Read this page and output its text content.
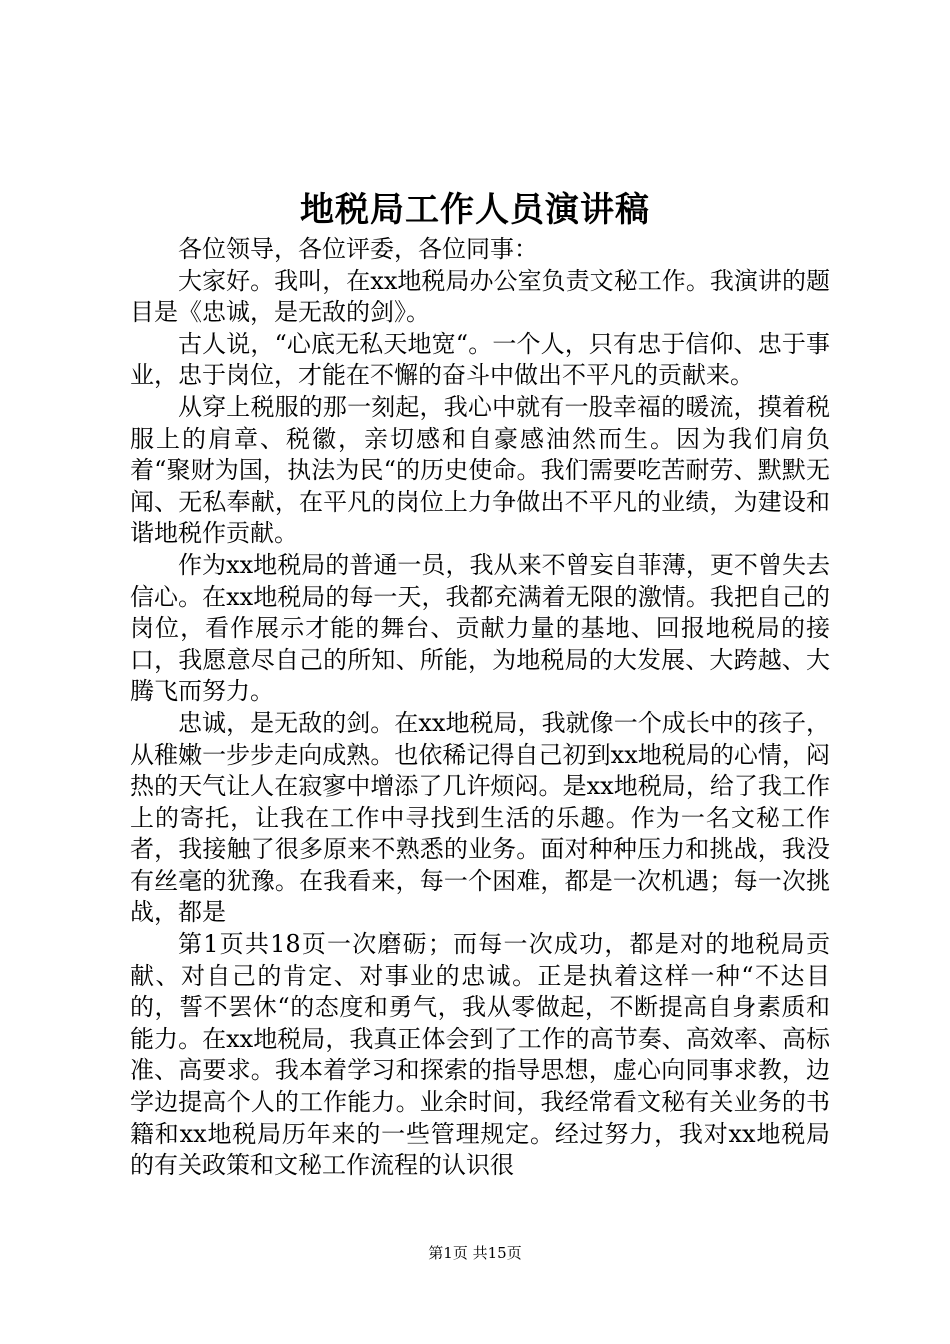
地税局工作人员演讲稿

各位领导，各位评委，各位同事：

大家好。我叫，在xx地税局办公室负责文秘工作。我演讲的题目是《忠诚，是无敌的剑》。

古人说，“心底无私天地宽“。一个人，只有忠于信仰、忠于事业，忠于岗位，才能在不懈的奋斗中做出不平凡的贡献来。

从穿上税服的那一刻起，我心中就有一股幸福的暖流，摸着税服上的肩章、税徽，亲切感和自豪感油然而生。因为我们肩负着“聚财为国，执法为民“的历史使命。我们需要吃苦耐劳、默默无闻、无私奉献，在平凡的岗位上力争做出不平凡的业绩，为建设和谐地税作贡献。

作为xx地税局的普通一员，我从来不曾妄自菲薄，更不曾失去信心。在xx地税局的每一天，我都充满着无限的激情。我把自己的岗位，看作展示才能的舞台、贡献力量的基地、回报地税局的接口，我愿意尽自己的所知、所能，为地税局的大发展、大跨越、大腾飞而努力。

忠诚，是无敌的剑。在xx地税局，我就像一个成长中的孩子，从稚嫩一步步走向成熟。也依稀记得自己初到xx地税局的心情，闷热的天气让人在寂寥中增添了几许烦闷。是xx地税局，给了我工作上的寄托，让我在工作中寻找到生活的乐趣。作为一名文秘工作者，我接触了很多原来不熟悉的业务。面对种种压力和挑战，我没有丝毫的犹豫。在我看来，每一个困难，都是一次机遇；每一次挑战，都是

第1页共18页一次磨砺；而每一次成功，都是对的地税局贡献、对自己的肯定、对事业的忠诚。正是执着这样一种“不达目的，誓不罢休“的态度和勇气，我从零做起，不断提高自身素质和能力。在xx地税局，我真正体会到了工作的高节奏、高效率、高标准、高要求。我本着学习和探索的指导思想，虚心向同事求教，边学边提高个人的工作能力。业余时间，我经常看文秘有关业务的书籍和xx地税局历年来的一些管理规定。经过努力，我对xx地税局的有关政策和文秘工作流程的认识很

第1页 共15页
